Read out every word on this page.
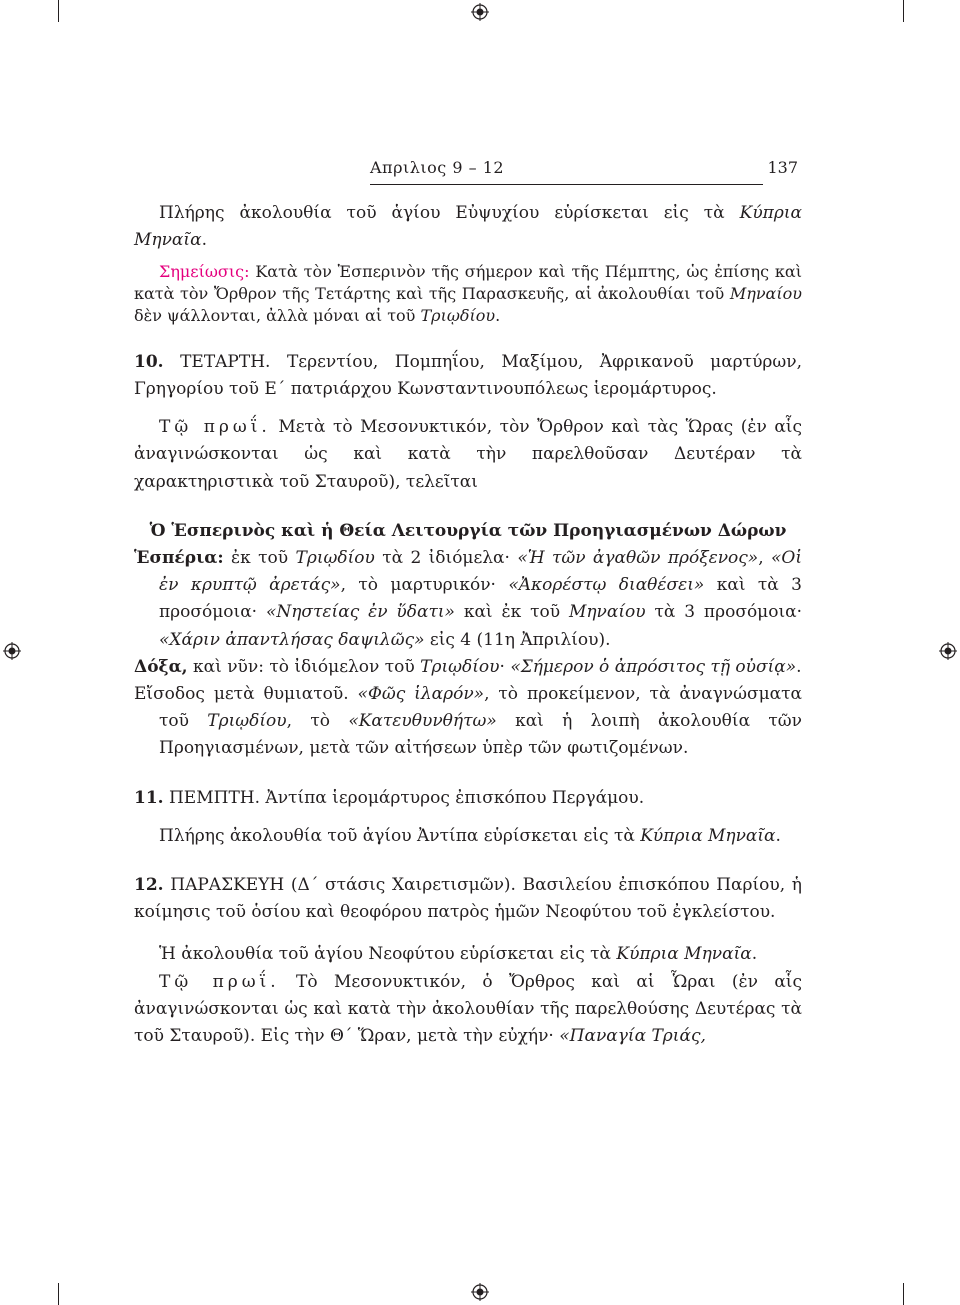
Απριλιος 9 – 12	137

Πλήρης ἀκολουθία τοῦ ἁγίου Εὐψυχίου εὑρίσκεται εἰς τὰ Κύπρια Μηναῖα.

Σημείωσις: Κατὰ τὸν Ἑσπερινὸν τῆς σήμερον καὶ τῆς Πέμπτης, ὡς ἐπίσης καὶ κατὰ τὸν Ὄρθρον τῆς Τετάρτης καὶ τῆς Παρασκευῆς, αἱ ἀκολουθίαι τοῦ Μηναίου δὲν ψάλλονται, ἀλλὰ μόναι αἱ τοῦ Τριῳδίου.

10. ΤΕΤΑΡΤΗ. Τερεντίου, Πομπηΐου, Μαξίμου, Ἀφρικανοῦ μαρτύρων, Γρηγορίου τοῦ Ε΄ πατριάρχου Κωνσταντινουπόλεως ἱερομάρτυρος.

Τῷ πρωΐ. Μετὰ τὸ Μεσονυκτικόν, τὸν Ὄρθρον καὶ τὰς Ὥρας (ἐν αἷς ἀναγινώσκονται ὡς καὶ κατὰ τὴν παρελθοῦσαν Δευτέραν τὰ χαρακτηριστικὰ τοῦ Σταυροῦ), τελεῖται

Ὁ Ἑσπερινὸς καὶ ἡ Θεία Λειτουργία τῶν Προηγιασμένων Δώρων

Ἑσπέρια: ἐκ τοῦ Τριῳδίου τὰ 2 ἰδιόμελα· «Ἡ τῶν ἀγαθῶν πρόξενος», «Οἱ ἐν κρυπτῷ ἀρετάς», τὸ μαρτυρικόν· «Ἀκορέστῳ διαθέσει» καὶ τὰ 3 προσόμοια· «Νηστείας ἐν ὕδατι» καὶ ἐκ τοῦ Μηναίου τὰ 3 προσόμοια· «Χάριν ἀπαντλήσας δαψιλῶς» εἰς 4 (11η Ἀπριλίου).

Δόξα, καὶ νῦν: τὸ ἰδιόμελον τοῦ Τριῳδίου· «Σήμερον ὁ ἀπρόσιτος τῇ οὐσίᾳ».

Εἴσοδος μετὰ θυμιατοῦ. «Φῶς ἱλαρόν», τὸ προκείμενον, τὰ ἀναγνώσματα τοῦ Τριῳδίου, τὸ «Κατευθυνθήτω» καὶ ἡ λοιπὴ ἀκολουθία τῶν Προηγιασμένων, μετὰ τῶν αἰτήσεων ὑπὲρ τῶν φωτιζομένων.

11. ΠΕΜΠΤΗ. Ἀντίπα ἱερομάρτυρος ἐπισκόπου Περγάμου.

Πλήρης ἀκολουθία τοῦ ἁγίου Ἀντίπα εὑρίσκεται εἰς τὰ Κύπρια Μηναῖα.

12. ΠΑΡΑΣΚΕΥΗ (Δ΄ στάσις Χαιρετισμῶν). Βασιλείου ἐπισκόπου Παρίου, ἡ κοίμησις τοῦ ὁσίου καὶ θεοφόρου πατρὸς ἡμῶν Νεοφύτου τοῦ ἐγκλείστου.

Ἡ ἀκολουθία τοῦ ἁγίου Νεοφύτου εὑρίσκεται εἰς τὰ Κύπρια Μηναῖα.

Τῷ πρωΐ. Τὸ Μεσονυκτικόν, ὁ Ὄρθρος καὶ αἱ Ὧραι (ἐν αἷς ἀναγινώσκονται ὡς καὶ κατὰ τὴν ἀκολουθίαν τῆς παρελθούσης Δευτέρας τὰ τοῦ Σταυροῦ). Εἰς τὴν Θ΄ Ὥραν, μετὰ τὴν εὐχήν· «Παναγία Τριάς,
